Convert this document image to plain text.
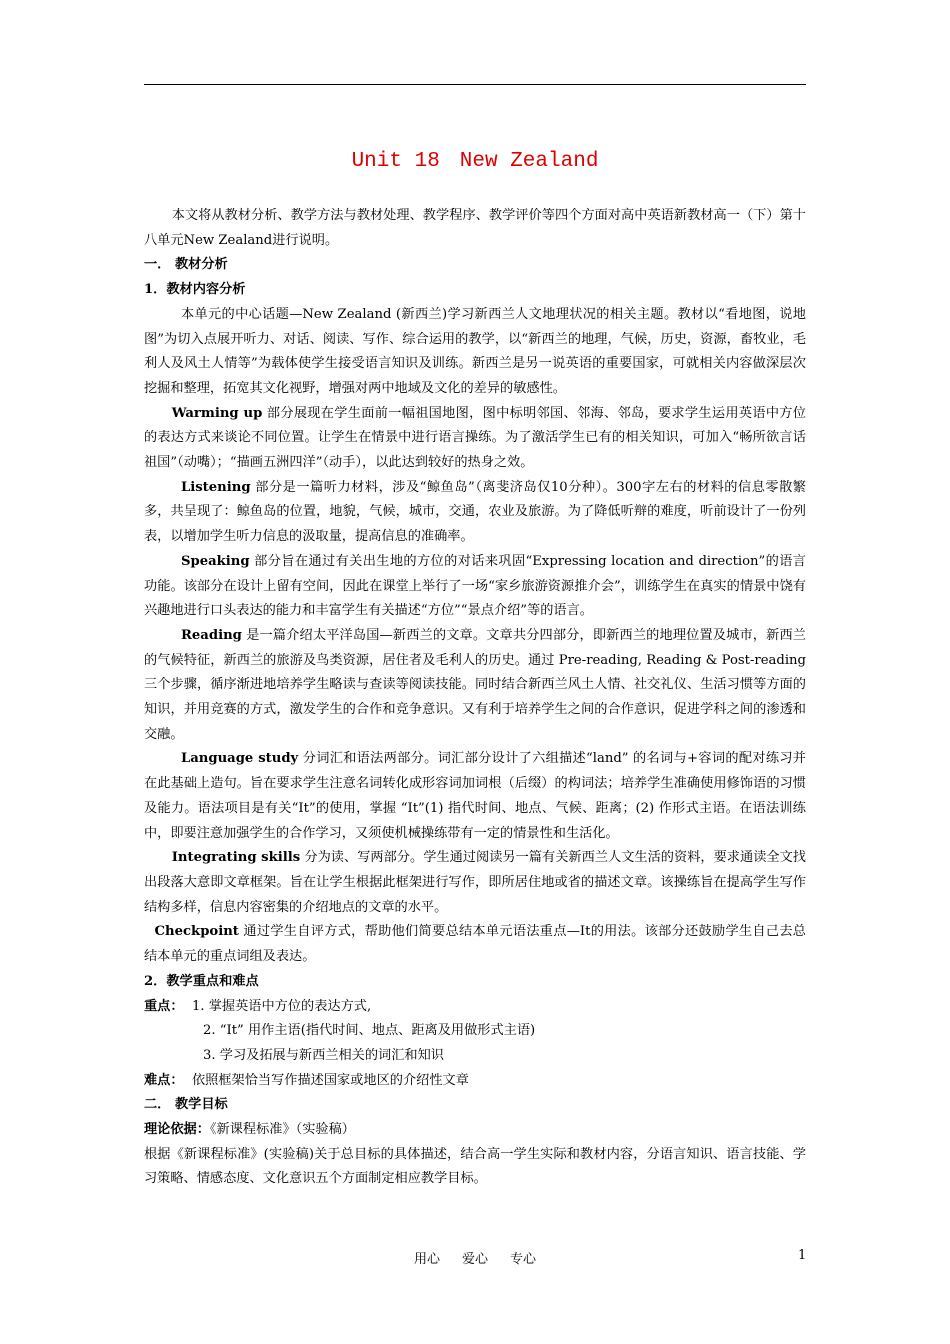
Unit 18 New Zealand

本文将从教材分析、教学方法与教材处理、教学程序、教学评价等四个方面对高中英语新教材高一（下）第十八单元New Zealand进行说明。

一． 教材分析

1．教材内容分析

本单元的中心话题—New Zealand (新西兰)学习新西兰人文地理状况的相关主题。教材以“看地图，说地图”为切入点展开听力、对话、阅读、写作、综合运用的教学，以“新西兰的地理，气候，历史，资源，畜牧业，毛利人及风土人情等”为载体使学生接受语言知识及训练。新西兰是另一说英语的重要国家，可就相关内容做深层次挖掘和整理，拓宽其文化视野，增强对两中地域及文化的差异的敏感性。

Warming up 部分展现在学生面前一幅祖国地图，图中标明邻国、邻海、邻岛，要求学生运用英语中方位的表达方式来谈论不同位置。让学生在情景中进行语言操练。为了激活学生已有的相关知识，可加入“畅所欲言话祖国”（动嘴）；“描画五洲四洋”（动手），以此达到较好的热身之效。

Listening 部分是一篇听力材料，涉及“鲸鱼岛”（离斐济岛仅10分种）。300字左右的材料的信息零散繁多，共呈现了：鲸鱼岛的位置，地貌，气候，城市，交通，农业及旅游。为了降低听辩的难度，听前设计了一份列表，以增加学生听力信息的汲取量，提高信息的准确率。

Speaking 部分旨在通过有关出生地的方位的对话来巩固“Expressing location and direction”的语言功能。该部分在设计上留有空间，因此在课堂上举行了一场“家乡旅游资源推介会”，训练学生在真实的情景中饶有兴趣地进行口头表达的能力和丰富学生有关描述“方位”“景点介绍”等的语言。

Reading 是一篇介绍太平洋岛国—新西兰的文章。文章共分四部分，即新西兰的地理位置及城市，新西兰的气候特征，新西兰的旅游及鸟类资源，居住者及毛利人的历史。通过 Pre-reading, Reading & Post-reading 三个步骤，循序渐进地培养学生略读与查读等阅读技能。同时结合新西兰风土人情、社交礼仪、生活习惯等方面的知识，并用竞赛的方式，激发学生的合作和竞争意识。又有利于培养学生之间的合作意识，促进学科之间的渗透和交融。

Language study 分词汇和语法两部分。词汇部分设计了六组描述“land” 的名词与+容词的配对练习并在此基础上造句。旨在要求学生注意名词转化成形容词加词根（后缀）的构词法；培养学生准确使用修饰语的习惯及能力。语法项目是有关“It”的使用，掌握 “It”(1) 指代时间、地点、气候、距离；(2) 作形式主语。在语法训练中，即要注意加强学生的合作学习，又须使机械操练带有一定的情景性和生活化。

Integrating skills 分为读、写两部分。学生通过阅读另一篇有关新西兰人文生活的资料，要求通读全文找出段落大意即文章框架。旨在让学生根据此框架进行写作，即所居住地或省的描述文章。该操练旨在提高学生写作结构多样，信息内容密集的介绍地点的文章的水平。

Checkpoint 通过学生自评方式，帮助他们简要总结本单元语法重点—It的用法。该部分还鼓励学生自己去总结本单元的重点词组及表达。

2．教学重点和难点

重点： 1. 掌握英语中方位的表达方式,

2. “It” 用作主语(指代时间、地点、距离及用做形式主语)

3. 学习及拓展与新西兰相关的词汇和知识

难点： 依照框架恰当写作描述国家或地区的介绍性文章

二． 教学目标

理论依据：《新课程标准》（实验稿）

根据《新课程标准》(实验稿)关于总目标的具体描述，结合高一学生实际和教材内容，分语言知识、语言技能、学习策略、情感态度、文化意识五个方面制定相应教学目标。

用心 爱心 专心	1
